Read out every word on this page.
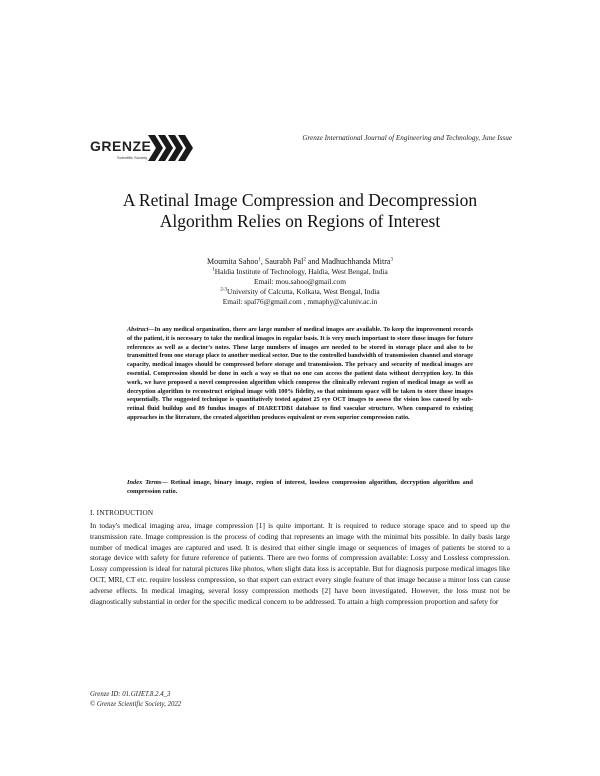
GRENZE
Scientific Society
Grenze International Journal of Engineering and Technology, June Issue
A Retinal Image Compression and Decompression
Algorithm Relies on Regions of Interest
Moumita Sahoo$^1$, Saurabh Pal$^2$ and Madhuchhanda Mitra$^3$
$^1$Haldia Institute of Technology, Haldia, West Bengal, India
Email: mou.sahoo@gmail.com
$^{2-3}$University of Calcutta, Kolkata, West Bengal, India
Email: spal76@gmail.com , mmaphy@caluniv.ac.in
Abstract—In any medical organization, there are large number of medical images are available. To keep the improvement records of the patient, it is necessary to take the medical images in regular basis. It is very much important to store those images for future references as well as a doctor's notes. These large numbers of images are needed to be stored in storage place and also to be transmitted from one storage place to another medical sector. Due to the controlled bandwidth of transmission channel and storage capacity, medical images should be compressed before storage and transmission. The privacy and security of medical images are essential. Compression should be done in such a way so that no one can access the patient data without decryption key. In this work, we have proposed a novel compression algorithm which compress the clinically relevant region of medical image as well as decryption algorithm to reconstruct original image with 100% fidelity, so that minimum space will be taken to store those images sequentially. The suggested technique is quantitatively tested against 25 eye OCT images to assess the vision loss caused by sub-retinal fluid buildup and 89 fundus images of DIARETDB1 database to find vascular structure. When compared to existing approaches in the literature, the created algorithm produces equivalent or even superior compression ratio.
Index Terms— Retinal image, binary image, region of interest, lossless compression algorithm, decryption algorithm and compression ratio.
I. INTRODUCTION
In today's medical imaging area, image compression [1] is quite important. It is required to reduce storage space and to speed up the transmission rate. Image compression is the process of coding that represents an image with the minimal bits possible. In daily basis large number of medical images are captured and used. It is desired that either single image or sequences of images of patients be stored to a storage device with safety for future reference of patients. There are two forms of compression available: Lossy and Lossless compression. Lossy compression is ideal for natural pictures like photos, when slight data loss is acceptable. But for diagnosis purpose medical images like OCT, MRI, CT etc. require lossless compression, so that expert can extract every single feature of that image because a minor loss can cause adverse effects. In medical imaging, several lossy compression methods [2] have been investigated. However, the loss must not be diagnostically substantial in order for the specific medical concern to be addressed. To attain a high compression proportion and safety for
Grenze ID: 01.GIJET.8.2.4_3
© Grenze Scientific Society, 2022
